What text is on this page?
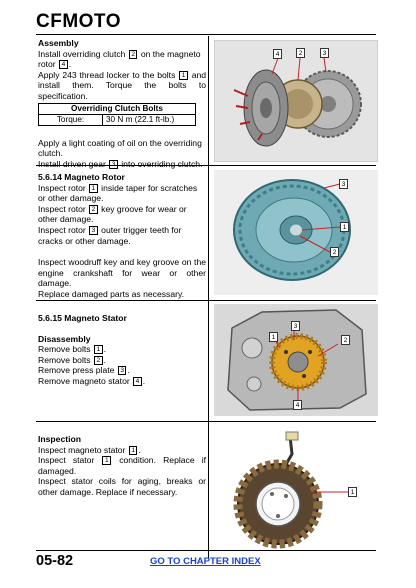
CFMOTO
Assembly
Install overriding clutch 2 on the magneto rotor 4 .
Apply 243 thread locker to the bolts 1 and install them. Torque the bolts to specification.
Overriding Clutch Bolts
Torque:	30 N m (22.1 ft-lb.)
Apply a light coating of oil on the overriding clutch.
Install driven gear 3 into overriding clutch.
5.6.14 Magneto Rotor
Inspect rotor 1 inside taper for scratches or other damage.
Inspect rotor 2 key groove for wear or other damage.
Inspect rotor 3 outer trigger teeth for cracks or other damage.
Inspect woodruff key and key groove on the engine crankshaft for wear or other damage.
Replace damaged parts as necessary.
5.6.15 Magneto Stator
Disassembly
Remove bolts 1 .
Remove bolts 2 .
Remove press plate 3 .
Remove magneto stator 4 .
Inspection
Inspect magneto stator 1 .
Inspect stator 1 condition. Replace if damaged.
Inspect stator coils for aging, breaks or other damage. Replace if necessary.
4	2	3
3
1
2
3
1	2
4
1
05-82	GO TO CHAPTER INDEX
